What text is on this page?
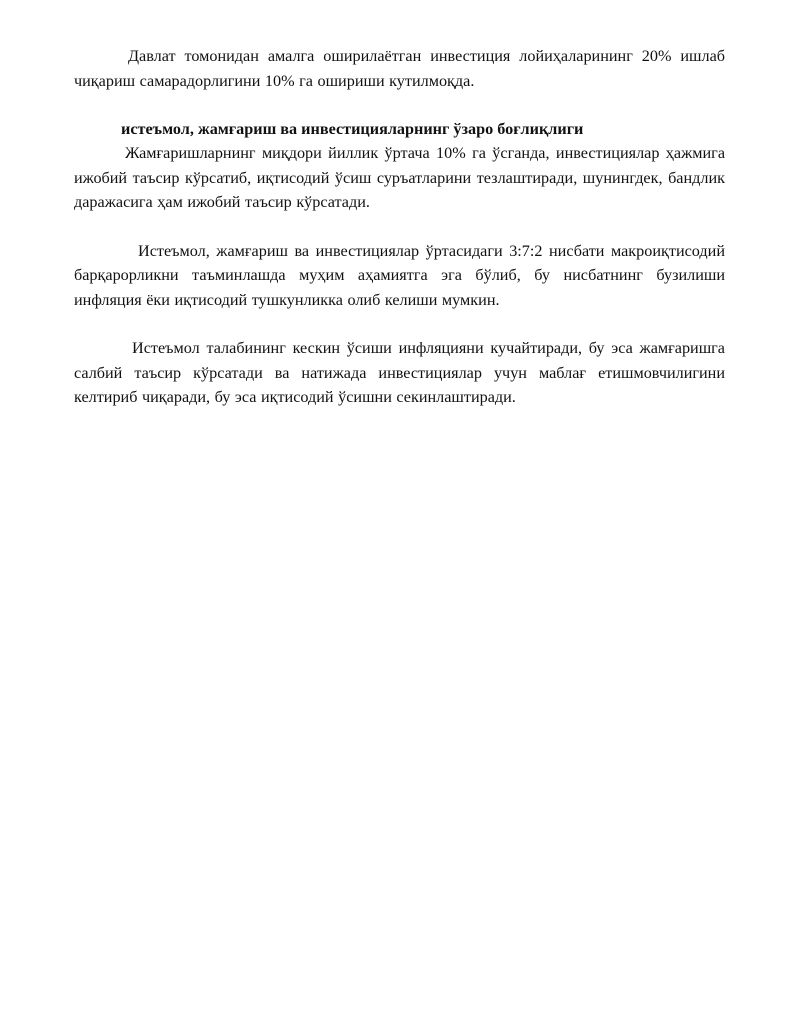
Давлат томонидан амалга оширилаётган инвестиция лойиҳаларининг 20% ишлаб чиқариш самарадорлигини 10% га ошириши кутилмоқда.

истеъмол, жамғариш ва инвестицияларнинг ўзаро боғлиқлиги

Жамғаришларнинг миқдори йиллик ўртача 10% га ўсганда, инвестициялар ҳажмига ижобий таъсир кўрсатиб, иқтисодий ўсиш суръатларини тезлаштиради, шунингдек, бандлик даражасига ҳам ижобий таъсир кўрсатади.

Истеъмол, жамғариш ва инвестициялар ўртасидаги 3:7:2 нисбати макроиқтисодий барқарорликни таъминлашда муҳим аҳамиятга эга бўлиб, бу нисбатнинг бузилиши инфляция ёки иқтисодий тушкунликка олиб келиши мумкин.

Истеъмол талабининг кескин ўсиши инфляцияни кучайтиради, бу эса жамғаришга салбий таъсир кўрсатади ва натижада инвестициялар учун маблағ етишмовчилигини келтириб чиқаради, бу эса иқтисодий ўсишни секинлаштиради.
